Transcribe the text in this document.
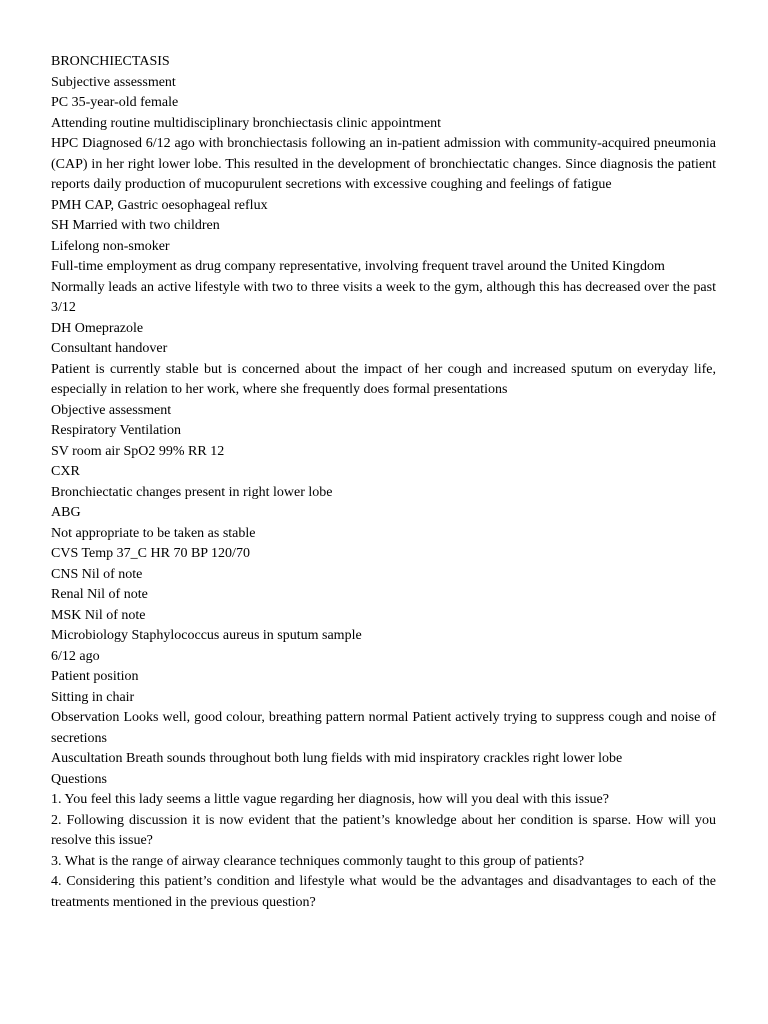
BRONCHIECTASIS

Subjective assessment

PC 35-year-old female

Attending routine multidisciplinary bronchiectasis clinic appointment

HPC Diagnosed 6/12 ago with bronchiectasis following an in-patient admission with community-acquired pneumonia (CAP) in her right lower lobe. This resulted in the development of bronchiectatic changes. Since diagnosis the patient reports daily production of mucopurulent secretions with excessive coughing and feelings of fatigue

PMH CAP, Gastric oesophageal reflux

SH Married with two children

Lifelong non-smoker

Full-time employment as drug company representative, involving frequent travel around the United Kingdom

Normally leads an active lifestyle with two to three visits a week to the gym, although this has decreased over the past 3/12

DH Omeprazole

Consultant handover

Patient is currently stable but is concerned about the impact of her cough and increased sputum on everyday life, especially in relation to her work, where she frequently does formal presentations

Objective assessment

Respiratory Ventilation

SV room air SpO2 99% RR 12

CXR

Bronchiectatic changes present in right lower lobe

ABG

Not appropriate to be taken as stable

CVS Temp 37_C HR 70 BP 120/70

CNS Nil of note

Renal Nil of note

MSK Nil of note

Microbiology Staphylococcus aureus in sputum sample

6/12 ago

Patient position

Sitting in chair

Observation Looks well, good colour, breathing pattern normal Patient actively trying to suppress cough and noise of secretions

Auscultation Breath sounds throughout both lung fields with mid inspiratory crackles right lower lobe

Questions

1. You feel this lady seems a little vague regarding her diagnosis, how will you deal with this issue?

2. Following discussion it is now evident that the patient’s knowledge about her condition is sparse. How will you resolve this issue?

3. What is the range of airway clearance techniques commonly taught to this group of patients?

4. Considering this patient’s condition and lifestyle what would be the advantages and disadvantages to each of the treatments mentioned in the previous question?
